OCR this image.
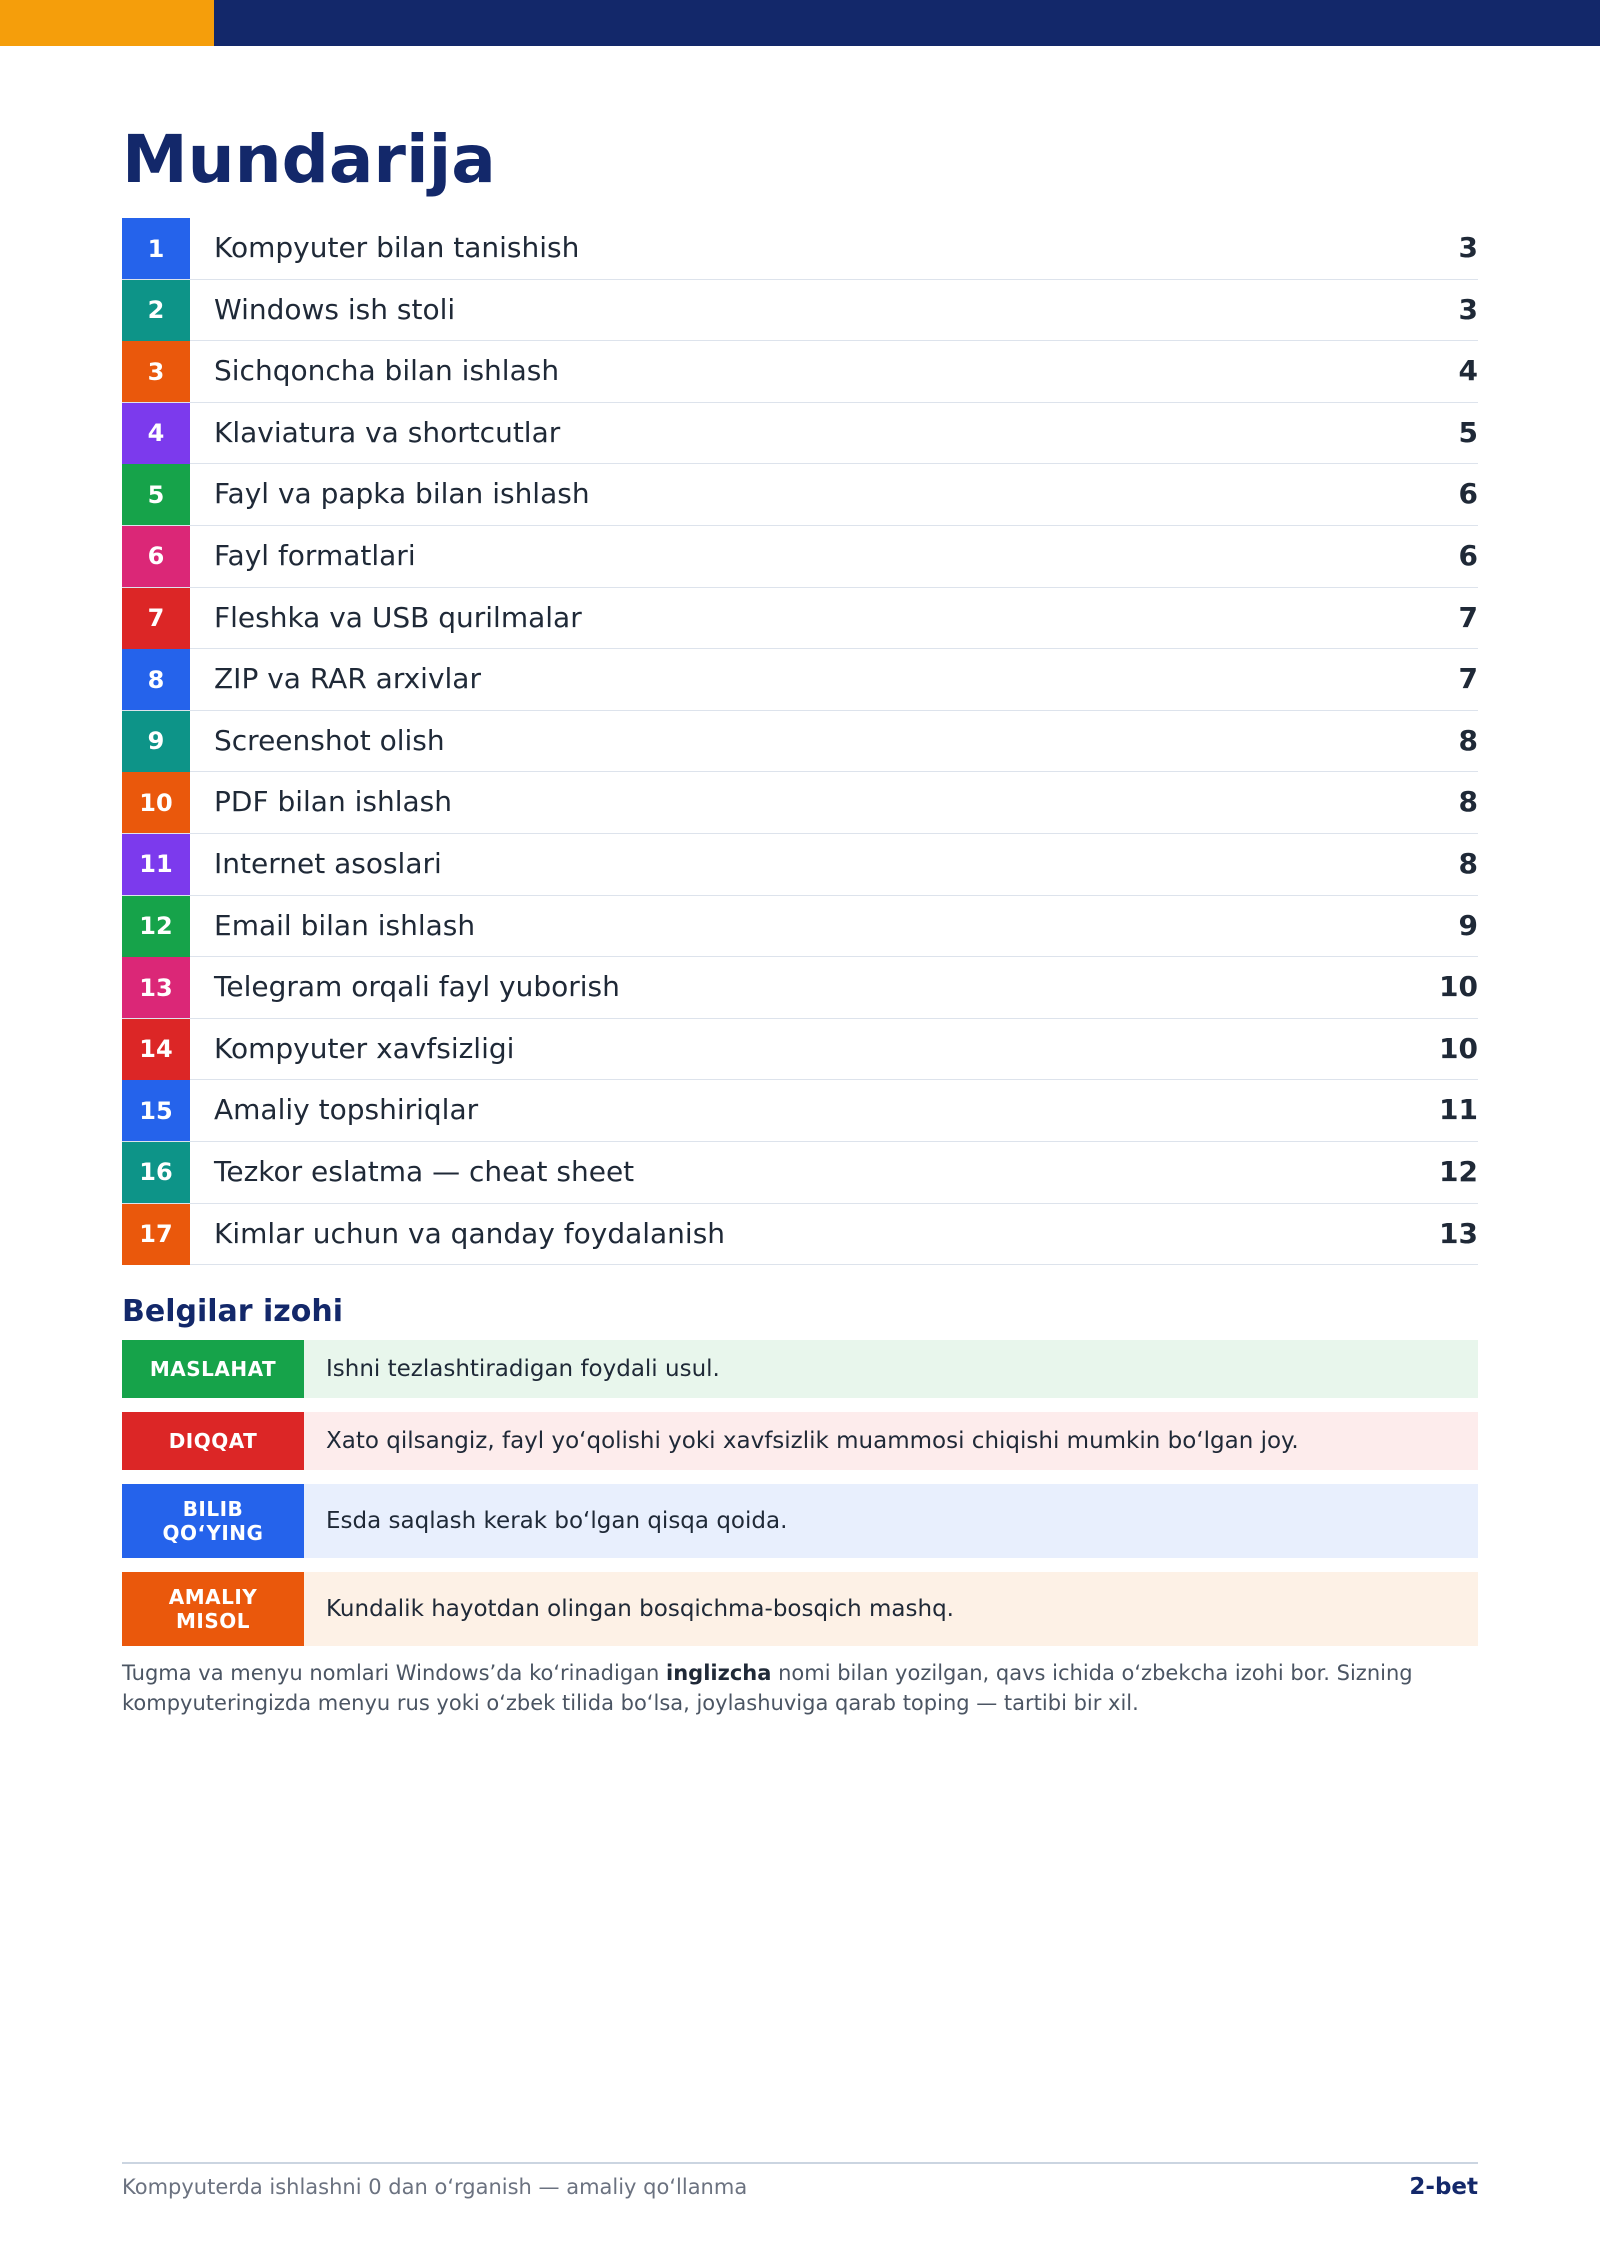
Mundarija
1	Kompyuter bilan tanishish	3
2	Windows ish stoli	3
3	Sichqoncha bilan ishlash	4
4	Klaviatura va shortcutlar	5
5	Fayl va papka bilan ishlash	6
6	Fayl formatlari	6
7	Fleshka va USB qurilmalar	7
8	ZIP va RAR arxivlar	7
9	Screenshot olish	8
10	PDF bilan ishlash	8
11	Internet asoslari	8
12	Email bilan ishlash	9
13	Telegram orqali fayl yuborish	10
14	Kompyuter xavfsizligi	10
15	Amaliy topshiriqlar	11
16	Tezkor eslatma — cheat sheet	12
17	Kimlar uchun va qanday foydalanish	13
Belgilar izohi
MASLAHAT	Ishni tezlashtiradigan foydali usul.
DIQQAT	Xato qilsangiz, fayl yo‘qolishi yoki xavfsizlik muammosi chiqishi mumkin bo‘lgan joy.
BILIB QO‘YING	Esda saqlash kerak bo‘lgan qisqa qoida.
AMALIY MISOL	Kundalik hayotdan olingan bosqichma-bosqich mashq.

Tugma va menyu nomlari Windows’da ko‘rinadigan inglizcha nomi bilan yozilgan, qavs ichida o‘zbekcha izohi bor. Sizning kompyuteringizda menyu rus yoki o‘zbek tilida bo‘lsa, joylashuviga qarab toping — tartibi bir xil.

Kompyuterda ishlashni 0 dan o‘rganish — amaliy qo‘llanma	2-bet
